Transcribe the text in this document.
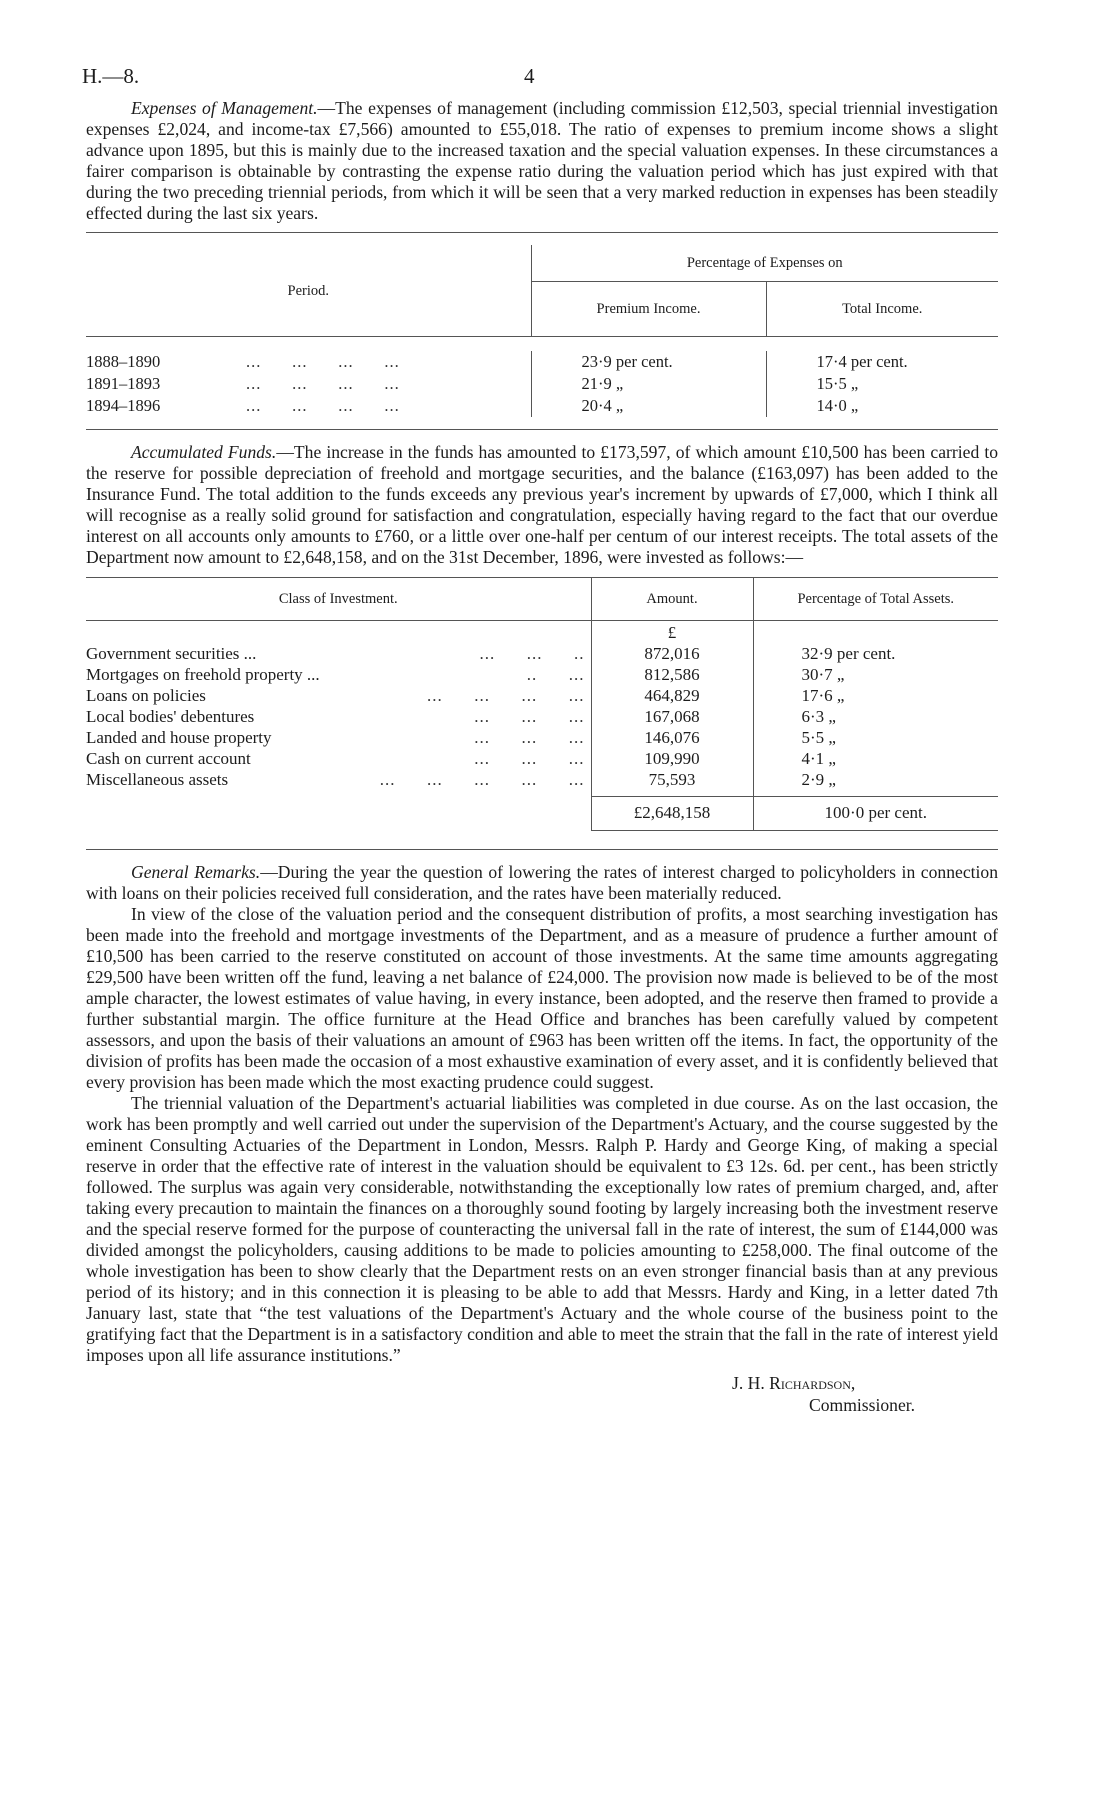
H.—8.	4

Expenses of Management.—The expenses of management (including commission £12,503, special triennial investigation expenses £2,024, and income-tax £7,566) amounted to £55,018. The ratio of expenses to premium income shows a slight advance upon 1895, but this is mainly due to the increased taxation and the special valuation expenses. In these circumstances a fairer comparison is obtainable by contrasting the expense ratio during the valuation period which has just expired with that during the two preceding triennial periods, from which it will be seen that a very marked reduction in expenses has been steadily effected during the last six years.

Period.	Percentage of Expenses on	
	Premium Income.	Total Income.

1888–1890 ...      ...      ...      ...	23·9 per cent.	17·4 per cent.
1891–1893 ...      ...      ...      ...	21·9 „	15·5 „
1894–1896 ...      ...      ...      ...	20·4 „	14·0 „

Accumulated Funds.—The increase in the funds has amounted to £173,597, of which amount £10,500 has been carried to the reserve for possible depreciation of freehold and mortgage securities, and the balance (£163,097) has been added to the Insurance Fund. The total addition to the funds exceeds any previous year's increment by upwards of £7,000, which I think all will recognise as a really solid ground for satisfaction and congratulation, especially having regard to the fact that our overdue interest on all accounts only amounts to £760, or a little over one-half per centum of our interest receipts. The total assets of the Department now amount to £2,648,158, and on the 31st December, 1896, were invested as follows:—

Class of Investment.	Amount.	Percentage of Total Assets.
	£	
Government securities ... ...      ...      ..	872,016	32·9 per cent.
Mortgages on freehold property ... ..      ...	812,586	30·7 „
Loans on policies ...      ...      ...      ...	464,829	17·6 „
Local bodies' debentures ...      ...      ...	167,068	6·3 „
Landed and house property ...      ...      ...	146,076	5·5 „
Cash on current account ...      ...      ...	109,990	4·1 „
Miscellaneous assets ...      ...      ...      ...      ...	75,593	2·9 „

	£2,648,158	100·0 per cent.

General Remarks.—During the year the question of lowering the rates of interest charged to policyholders in connection with loans on their policies received full consideration, and the rates have been materially reduced.

In view of the close of the valuation period and the consequent distribution of profits, a most searching investigation has been made into the freehold and mortgage investments of the Department, and as a measure of prudence a further amount of £10,500 has been carried to the reserve constituted on account of those investments. At the same time amounts aggregating £29,500 have been written off the fund, leaving a net balance of £24,000. The provision now made is believed to be of the most ample character, the lowest estimates of value having, in every instance, been adopted, and the reserve then framed to provide a further substantial margin. The office furniture at the Head Office and branches has been carefully valued by competent assessors, and upon the basis of their valuations an amount of £963 has been written off the items. In fact, the opportunity of the division of profits has been made the occasion of a most exhaustive examination of every asset, and it is confidently believed that every provision has been made which the most exacting prudence could suggest.

The triennial valuation of the Department's actuarial liabilities was completed in due course. As on the last occasion, the work has been promptly and well carried out under the supervision of the Department's Actuary, and the course suggested by the eminent Consulting Actuaries of the Department in London, Messrs. Ralph P. Hardy and George King, of making a special reserve in order that the effective rate of interest in the valuation should be equivalent to £3 12s. 6d. per cent., has been strictly followed. The surplus was again very considerable, notwithstanding the exceptionally low rates of premium charged, and, after taking every precaution to maintain the finances on a thoroughly sound footing by largely increasing both the investment reserve and the special reserve formed for the purpose of counteracting the universal fall in the rate of interest, the sum of £144,000 was divided amongst the policyholders, causing additions to be made to policies amounting to £258,000. The final outcome of the whole investigation has been to show clearly that the Department rests on an even stronger financial basis than at any previous period of its history; and in this connection it is pleasing to be able to add that Messrs. Hardy and King, in a letter dated 7th January last, state that “the test valuations of the Department's Actuary and the whole course of the business point to the gratifying fact that the Department is in a satisfactory condition and able to meet the strain that the fall in the rate of interest yield imposes upon all life assurance institutions.”

J. H. Richardson,
Commissioner.
